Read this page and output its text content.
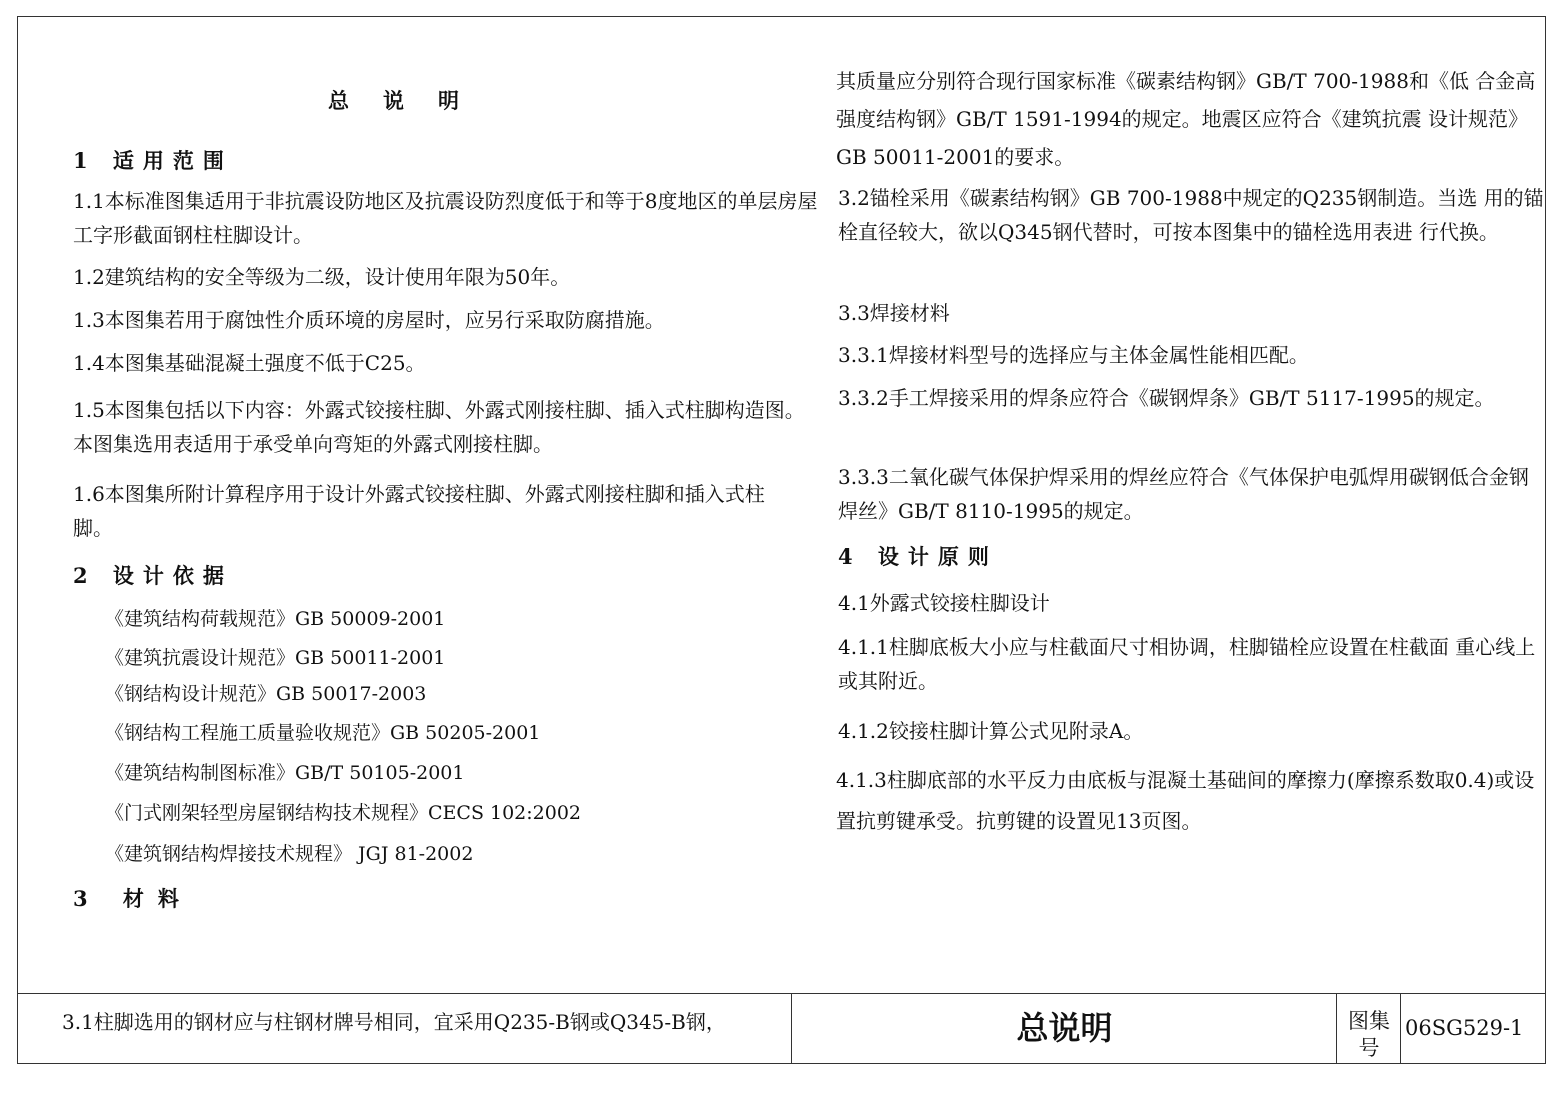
总说明
1 适用范围
1.1本标准图集适用于非抗震设防地区及抗震设防烈度低于和等于8度地区的单层房屋工字形截面钢柱柱脚设计。
1.2建筑结构的安全等级为二级，设计使用年限为50年。
1.3本图集若用于腐蚀性介质环境的房屋时，应另行采取防腐措施。
1.4本图集基础混凝土强度不低于C25。
1.5本图集包括以下内容：外露式铰接柱脚、外露式刚接柱脚、插入式柱脚构造图。本图集选用表适用于承受单向弯矩的外露式刚接柱脚。
1.6本图集所附计算程序用于设计外露式铰接柱脚、外露式刚接柱脚和插入式柱脚。
2 设计依据
《建筑结构荷载规范》GB 50009-2001
《建筑抗震设计规范》GB 50011-2001
《钢结构设计规范》GB 50017-2003
《钢结构工程施工质量验收规范》GB 50205-2001
《建筑结构制图标准》GB/T 50105-2001
《门式刚架轻型房屋钢结构技术规程》CECS 102:2002
《建筑钢结构焊接技术规程》 JGJ 81-2002
3 材料
其质量应分别符合现行国家标准《碳素结构钢》GB/T 700-1988和《低 合金高强度结构钢》GB/T 1591-1994的规定。地震区应符合《建筑抗震 设计规范》GB 50011-2001的要求。
3.2锚栓采用《碳素结构钢》GB 700-1988中规定的Q235钢制造。当选 用的锚栓直径较大，欲以Q345钢代替时，可按本图集中的锚栓选用表进 行代换。
3.3焊接材料
3.3.1焊接材料型号的选择应与主体金属性能相匹配。
3.3.2手工焊接采用的焊条应符合《碳钢焊条》GB/T 5117-1995的规定。
3.3.3二氧化碳气体保护焊采用的焊丝应符合《气体保护电弧焊用碳钢低合金钢焊丝》GB/T 8110-1995的规定。
4 设计原则
4.1外露式铰接柱脚设计
4.1.1柱脚底板大小应与柱截面尺寸相协调，柱脚锚栓应设置在柱截面 重心线上或其附近。
4.1.2铰接柱脚计算公式见附录A。
4.1.3柱脚底部的水平反力由底板与混凝土基础间的摩擦力(摩擦系数取0.4)或设置抗剪键承受。抗剪键的设置见13页图。
3.1柱脚选用的钢材应与柱钢材牌号相同，宜采用Q235-B钢或Q345-B钢，	总说明	图集号
06SG529-1
